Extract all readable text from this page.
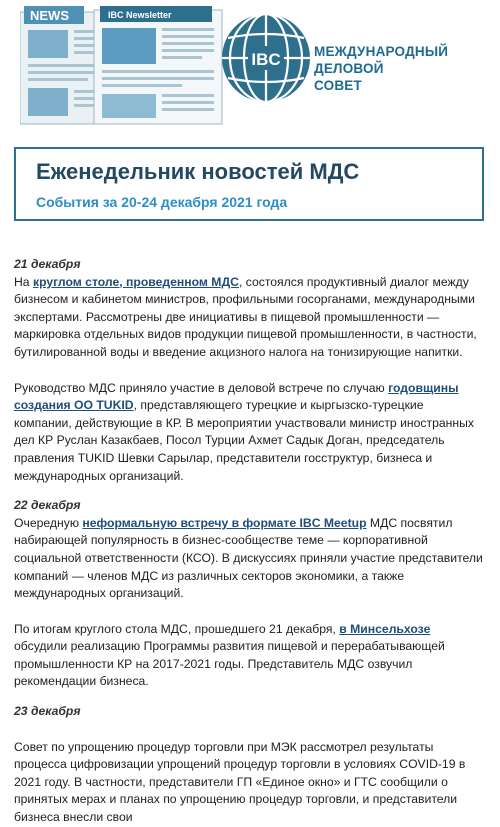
NEWS	IBC Newsletter
IBC МЕЖДУНАРОДНЫЙ
ДЕЛОВОЙ
СОВЕТ
Еженедельник новостей МДС
События за 20-24 декабря 2021 года

21 декабря

На круглом столе, проведенном МДС, состоялся продуктивный диалог между бизнесом и кабинетом министров, профильными госорганами, международными экспертами. Рассмотрены две инициативы в пищевой промышленности — маркировка отдельных видов продукции пищевой промышленности, в частности, бутилированной воды и введение акцизного налога на тонизирующие напитки.

Руководство МДС приняло участие в деловой встрече по случаю годовщины создания ОО TUKID, представляющего турецкие и кыргызско-турецкие компании, действующие в КР. В мероприятии участвовали министр иностранных дел КР Руслан Казакбаев, Посол Турции Ахмет Садык Доган, председатель правления TUKID Шевки Сарылар, представители госструктур, бизнеса и международных организаций.

22 декабря

Очередную неформальную встречу в формате IBC Meetup МДС посвятил набирающей популярность в бизнес-сообществе теме — корпоративной социальной ответственности (КСО). В дискуссиях приняли участие представители компаний — членов МДС из различных секторов экономики, а также международных организаций.

По итогам круглого стола МДС, прошедшего 21 декабря, в Минсельхозе обсудили реализацию Программы развития пищевой и перерабатывающей промышленности КР на 2017-2021 годы. Представитель МДС озвучил рекомендации бизнеса.

23 декабря

Совет по упрощению процедур торговли при МЭК рассмотрел результаты процесса цифровизации упрощений процедур торговли в условиях COVID-19 в 2021 году. В частности, представители ГП «Единое окно» и ГТС сообщили о принятых мерах и планах по упрощению процедур торговли, и представители бизнеса внесли свои
